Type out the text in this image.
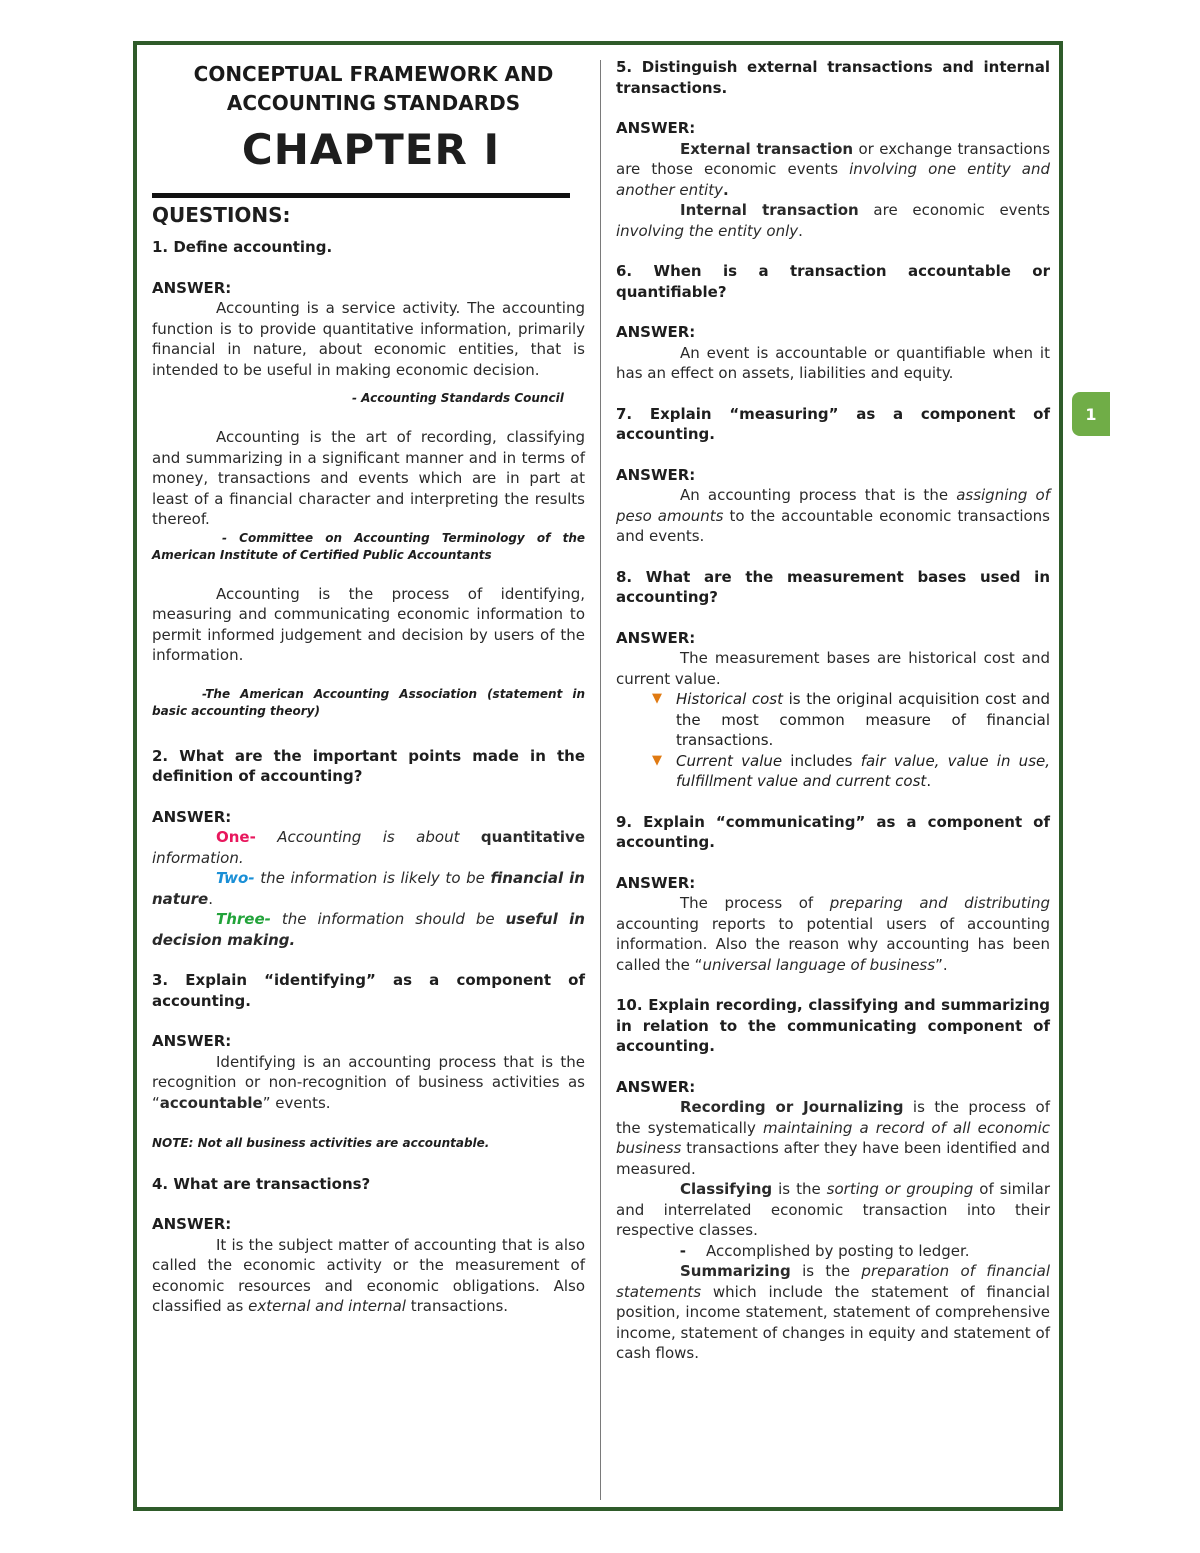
1

CONCEPTUAL FRAMEWORK AND

ACCOUNTING STANDARDS

CHAPTER I

QUESTIONS:

1. Define accounting.

ANSWER:

Accounting is a service activity. The accounting function is to provide quantitative information, primarily financial in nature, about economic entities, that is intended to be useful in making economic decision.

- Accounting Standards Council

Accounting is the art of recording, classifying and summarizing in a significant manner and in terms of money, transactions and events which are in part at least of a financial character and interpreting the results thereof.

- Committee on Accounting Terminology of the American Institute of Certified Public Accountants

Accounting is the process of identifying, measuring and communicating economic information to permit informed judgement and decision by users of the information.

-The American Accounting Association (statement in basic accounting theory)

2. What are the important points made in the definition of accounting?

ANSWER:

One- Accounting is about quantitative information.

Two- the information is likely to be financial in nature.

Three- the information should be useful in decision making.

3. Explain “identifying” as a component of accounting.

ANSWER:

Identifying is an accounting process that is the recognition or non-recognition of business activities as “accountable” events.

NOTE: Not all business activities are accountable.

4. What are transactions?

ANSWER:

It is the subject matter of accounting that is also called the economic activity or the measurement of economic resources and economic obligations. Also classified as external and internal transactions.

5. Distinguish external transactions and internal transactions.

ANSWER:

External transaction or exchange transactions are those economic events involving one entity and another entity.

Internal transaction are economic events involving the entity only.

6. When is a transaction accountable or quantifiable?

ANSWER:

An event is accountable or quantifiable when it has an effect on assets, liabilities and equity.

7. Explain “measuring” as a component of accounting.

ANSWER:

An accounting process that is the assigning of peso amounts to the accountable economic transactions and events.

8. What are the measurement bases used in accounting?

ANSWER:

The measurement bases are historical cost and current value.

▼ Historical cost is the original acquisition cost and the most common measure of financial transactions.
▼ Current value includes fair value, value in use, fulfillment value and current cost.

9. Explain “communicating” as a component of accounting.

ANSWER:

The process of preparing and distributing accounting reports to potential users of accounting information. Also the reason why accounting has been called the “universal language of business”.

10. Explain recording, classifying and summarizing in relation to the communicating component of accounting.

ANSWER:

Recording or Journalizing is the process of the systematically maintaining a record of all economic business transactions after they have been identified and measured.

Classifying is the sorting or grouping of similar and interrelated economic transaction into their respective classes.

-	Accomplished by posting to ledger.

Summarizing is the preparation of financial statements which include the statement of financial position, income statement, statement of comprehensive income, statement of changes in equity and statement of cash flows.
